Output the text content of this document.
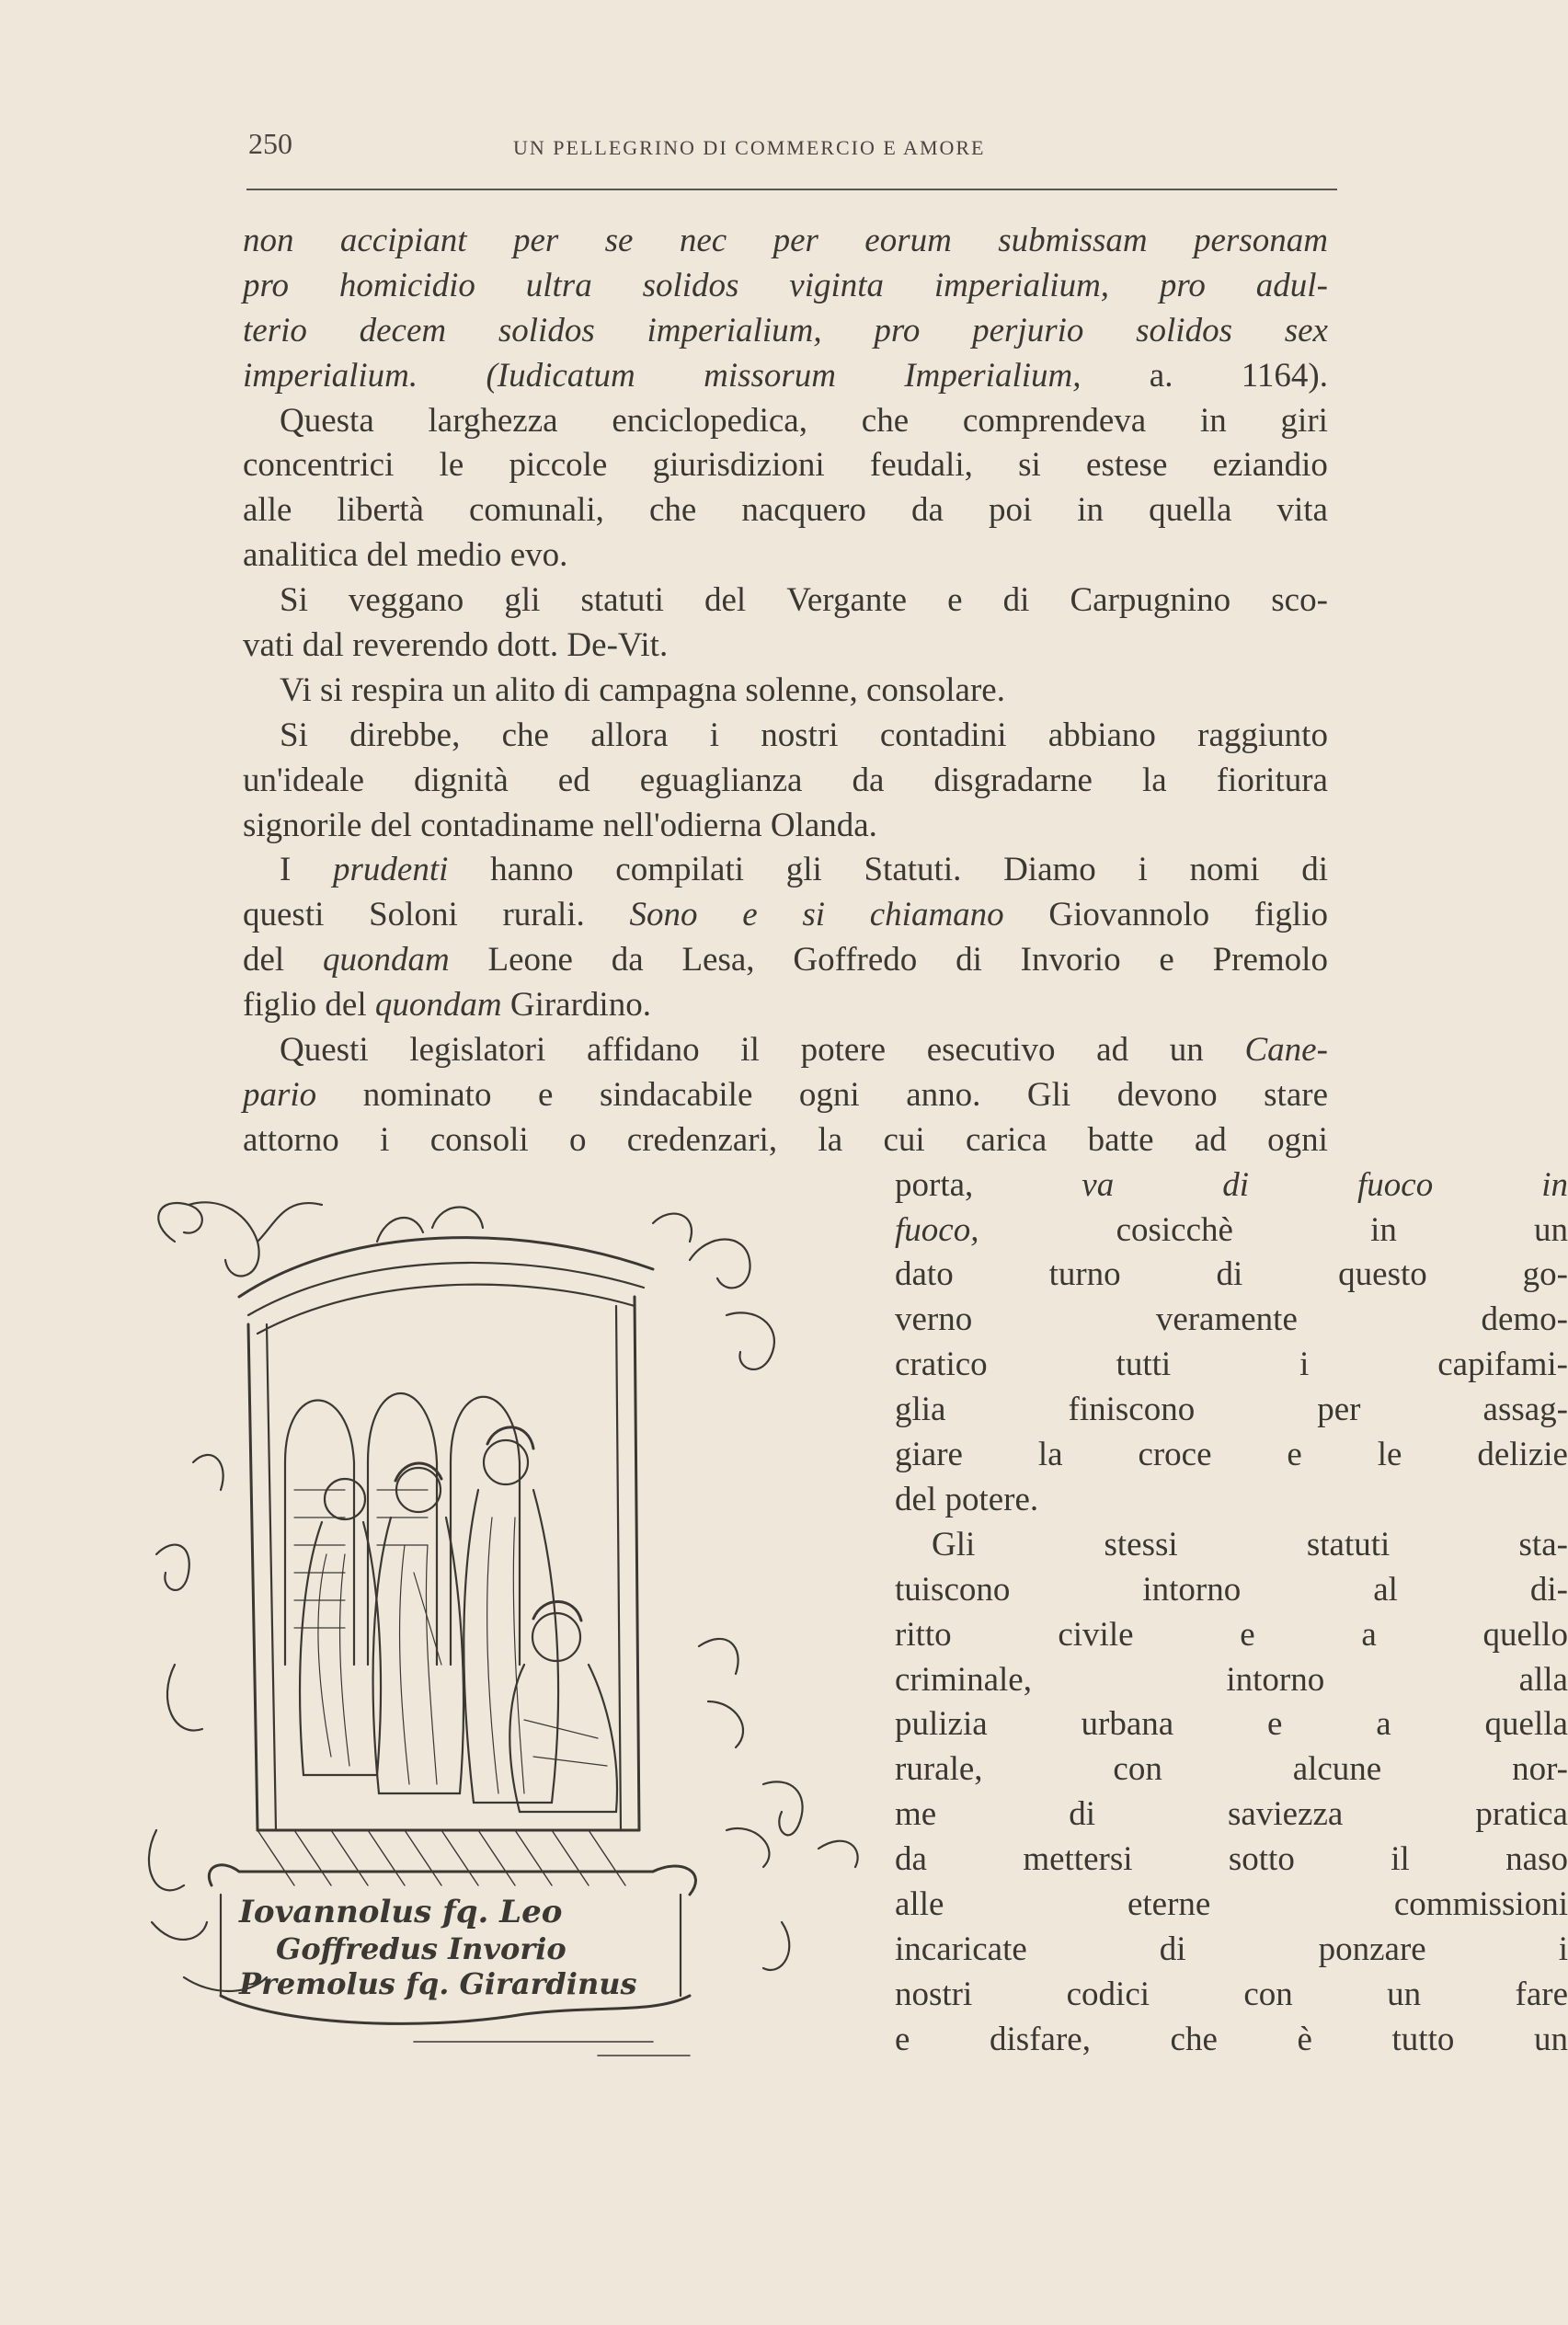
250	UN PELLEGRINO DI COMMERCIO E AMORE
non accipiant per se nec per eorum submissam personam
pro homicidio ultra solidos viginta imperialium, pro adul-
terio decem solidos imperialium, pro perjurio solidos sex
imperialium. (Iudicatum missorum Imperialium, a. 1164).
Questa larghezza enciclopedica, che comprendeva in giri
concentrici le piccole giurisdizioni feudali, si estese eziandio
alle libertà comunali, che nacquero da poi in quella vita
analitica del medio evo.
Si veggano gli statuti del Vergante e di Carpugnino sco-
vati dal reverendo dott. De-Vit.
Vi si respira un alito di campagna solenne, consolare.
Si direbbe, che allora i nostri contadini abbiano raggiunto
un'ideale dignità ed eguaglianza da disgradarne la fioritura
signorile del contadiname nell'odierna Olanda.
I prudenti hanno compilati gli Statuti. Diamo i nomi di
questi Soloni rurali. Sono e si chiamano Giovannolo figlio
del quondam Leone da Lesa, Goffredo di Invorio e Premolo
figlio del quondam Girardino.
Questi legislatori affidano il potere esecutivo ad un Cane-
pario nominato e sindacabile ogni anno. Gli devono stare
attorno i consoli o credenzari, la cui carica batte ad ogni
porta,	va	di	fuoco	in
fuoco,	cosicchè	in	un
dato	turno	di	questo	go-
verno	veramente	demo-
cratico	tutti	i	capifami-
glia	finiscono	per	assag-
giare la croce e le delizie
del potere.
Gli	stessi	statuti	sta-
tuiscono	intorno	al	di-
ritto	civile	e	a	quello
criminale,	intorno	alla
pulizia	urbana	e	a	quella
rurale,	con	alcune	nor-
me	di	saviezza	pratica
da	mettersi	sotto	il	naso
alle	eterne	commissioni
incaricate	di	ponzare	i
nostri	codici	con	un	fare
e disfare, che è tutto un
Iovannolus fq. Leo
Goffredus Invorio
Premolus fq. Girardinus
